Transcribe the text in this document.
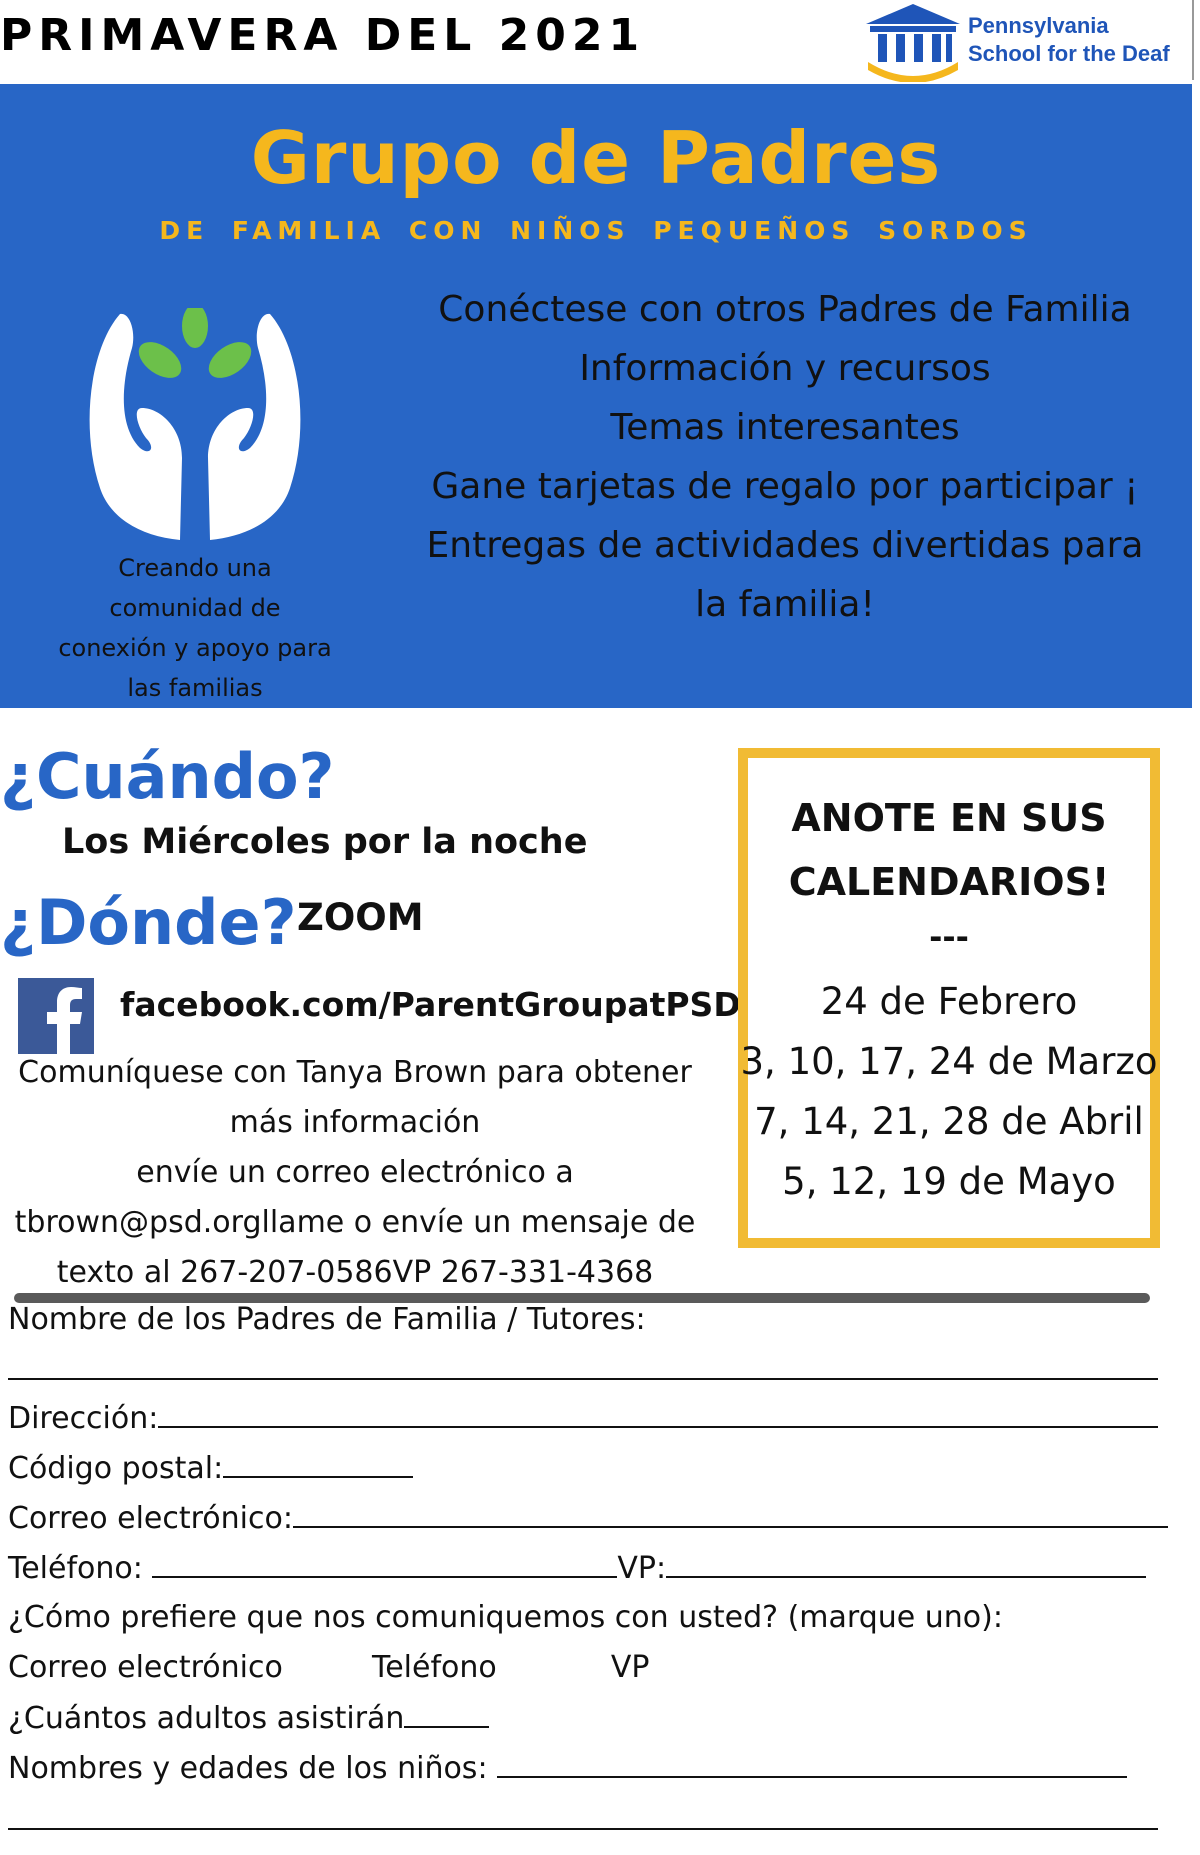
PRIMAVERA DEL 2021	Pennsylvania
School for the Deaf
Grupo de Padres
DE FAMILIA CON NIÑOS PEQUEÑOS SORDOS
Creando una
comunidad de
conexión y apoyo para
las familias
Conéctese con otros Padres de Familia
Información y recursos
Temas interesantes
Gane tarjetas de regalo por participar ¡
Entregas de actividades divertidas para
la familia!
¿Cuándo?
Los Miércoles por la noche
¿Dónde? ZOOM
facebook.com/ParentGroupatPSD
Comuníquese con Tanya Brown para obtener
más información
envíe un correo electrónico a
tbrown@psd.orgllame o envíe un mensaje de
texto al 267-207-0586VP 267-331-4368
ANOTE EN SUS
CALENDARIOS!
---
24 de Febrero
3, 10, 17, 24 de Marzo
7, 14, 21, 28 de Abril
5, 12, 19 de Mayo
Nombre de los Padres de Familia / Tutores:
Dirección:
Código postal:
Correo electrónico:
Teléfono:	VP:
¿Cómo prefiere que nos comuniquemos con usted? (marque uno):
Correo electrónico	Teléfono	VP
¿Cuántos adultos asistirán
Nombres y edades de los niños:
